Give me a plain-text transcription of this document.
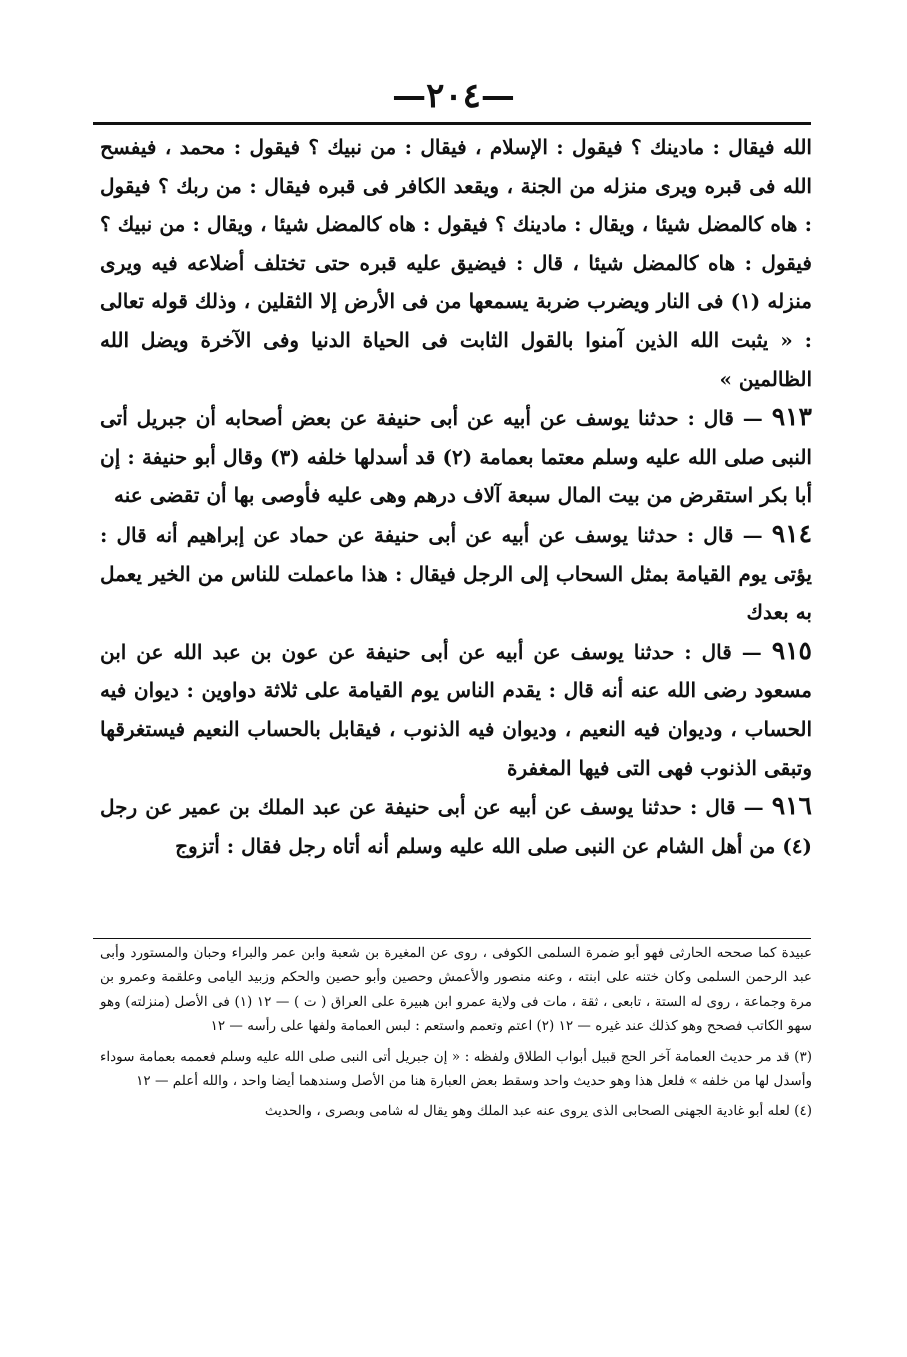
—٢٠٤—

الله فيقال : مادينك ؟ فيقول : الإسلام ، فيقال : من نبيك ؟ فيقول : محمد ، فيفسح الله فى قبره ويرى منزله من الجنة ، ويقعد الكافر فى قبره فيقال : من ربك ؟ فيقول : هاه كالمضل شيئا ، ويقال : مادينك ؟ فيقول : هاه كالمضل شيئا ، ويقال : من نبيك ؟ فيقول : هاه كالمضل شيئا ، قال : فيضيق عليه قبره حتى تختلف أضلاعه فيه ويرى منزله (١) فى النار ويضرب ضربة يسمعها من فى الأرض إلا الثقلين ، وذلك قوله تعالى : « يثبت الله الذين آمنوا بالقول الثابت فى الحياة الدنيا وفى الآخرة ويضل الله الظالمين »

٩١٣ — قال : حدثنا يوسف عن أبيه عن أبى حنيفة عن بعض أصحابه أن جبريل أتى النبى صلى الله عليه وسلم معتما بعمامة (٢) قد أسدلها خلفه (٣) وقال أبو حنيفة : إن أبا بكر استقرض من بيت المال سبعة آلاف درهم وهى عليه فأوصى بها أن تقضى عنه

٩١٤ — قال : حدثنا يوسف عن أبيه عن أبى حنيفة عن حماد عن إبراهيم أنه قال : يؤتى يوم القيامة بمثل السحاب إلى الرجل فيقال : هذا ماعملت للناس من الخير يعمل به بعدك

٩١٥ — قال : حدثنا يوسف عن أبيه عن أبى حنيفة عن عون بن عبد الله عن ابن مسعود رضى الله عنه أنه قال : يقدم الناس يوم القيامة على ثلاثة دواوين : ديوان فيه الحساب ، وديوان فيه النعيم ، وديوان فيه الذنوب ، فيقابل بالحساب النعيم فيستغرقها وتبقى الذنوب فهى التى فيها المغفرة

٩١٦ — قال : حدثنا يوسف عن أبيه عن أبى حنيفة عن عبد الملك بن عمير عن رجل (٤) من أهل الشام عن النبى صلى الله عليه وسلم أنه أتاه رجل فقال : أتزوج

عبيدة كما صححه الحارثى فهو أبو ضمرة السلمى الكوفى ، روى عن المغيرة بن شعبة وابن عمر والبراء وحبان والمستورد وأبى عبد الرحمن السلمى وكان ختنه على ابنته ، وعنه منصور والأعمش وحصين وأبو حصين والحكم وزبيد اليامى وعلقمة وعمرو بن مرة وجماعة ، روى له الستة ، تابعى ، ثقة ، مات فى ولاية عمرو ابن هبيرة على العراق ( ت ) — ١٢ (١) فى الأصل (منزلته) وهو سهو الكاتب فصحح وهو كذلك عند غيره — ١٢ (٢) اعتم وتعمم واستعم : لبس العمامة ولفها على رأسه — ١٢

(٣) قد مر حديث العمامة آخر الحج قبيل أبواب الطلاق ولفظه : « إن جبريل أتى النبى صلى الله عليه وسلم فعممه بعمامة سوداء وأسدل لها من خلفه » فلعل هذا وهو حديث واحد وسقط بعض العبارة هنا من الأصل وسندهما أيضا واحد ، والله أعلم — ١٢

(٤) لعله أبو غادية الجهنى الصحابى الذى يروى عنه عبد الملك وهو يقال له شامى وبصرى ، والحديث
